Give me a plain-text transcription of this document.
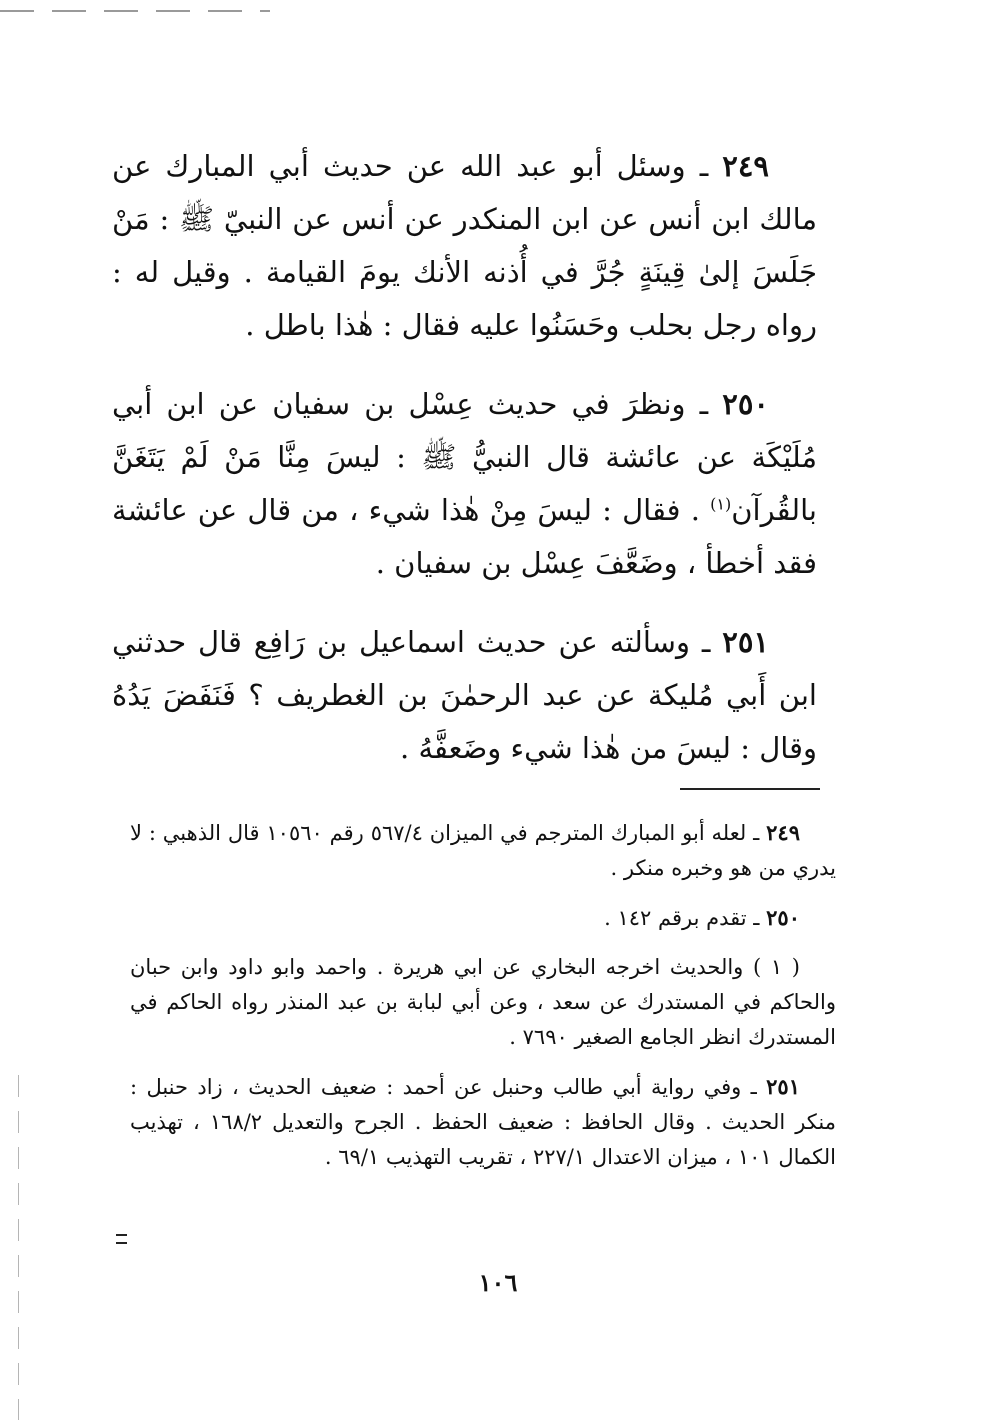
٢٤٩ ـ وسئل أبو عبد الله عن حديث أبي المبارك عن مالك ابن أنس عن ابن المنكدر عن أنس عن النبيّ ﷺ : مَنْ جَلَسَ إلىٰ قِينَةٍ جُرَّ في أُذنه الأنك يومَ القيامة . وقيل له : رواه رجل بحلب وحَسَنُوا عليه فقال : هٰذا باطل .

٢٥٠ ـ ونظرَ في حديث عِسْل بن سفيان عن ابن أبي مُلَيْكَة عن عائشة قال النبيُّ ﷺ : ليسَ مِنَّا مَنْ لَمْ يَتَغَنَّ بالقُرآن$^{(١)}$ . فقال : ليسَ مِنْ هٰذا شيء ، من قال عن عائشة فقد أخطأ ، وضَعَّفَ عِسْل بن سفيان .

٢٥١ ـ وسألته عن حديث اسماعيل بن رَافِع قال حدثني ابن أَبي مُليكة عن عبد الرحمٰنَ بن الغطريف ؟ فَنَفَضَ يَدُهُ وقال : ليسَ من هٰذا شيء وضَعفَّهُ .

٢٤٩ ـ لعله أبو المبارك المترجم في الميزان ٥٦٧/٤ رقم ١٠٥٦٠ قال الذهبي : لا يدري من هو وخبره منكر .

٢٥٠ ـ تقدم برقم ١٤٢ .

( ١ ) والحديث اخرجه البخاري عن ابي هريرة . واحمد وابو داود وابن حبان والحاكم في المستدرك عن سعد ، وعن أبي لبابة بن عبد المنذر رواه الحاكم في المستدرك انظر الجامع الصغير ٧٦٩٠ .

٢٥١ ـ وفي رواية أبي طالب وحنبل عن أحمد : ضعيف الحديث ، زاد حنبل : منكر الحديث . وقال الحافظ : ضعيف الحفظ . الجرح والتعديل ١٦٨/٢ ، تهذيب الكمال ١٠١ ، ميزان الاعتدال ٢٢٧/١ ، تقريب التهذيب ٦٩/١ .

١٠٦
